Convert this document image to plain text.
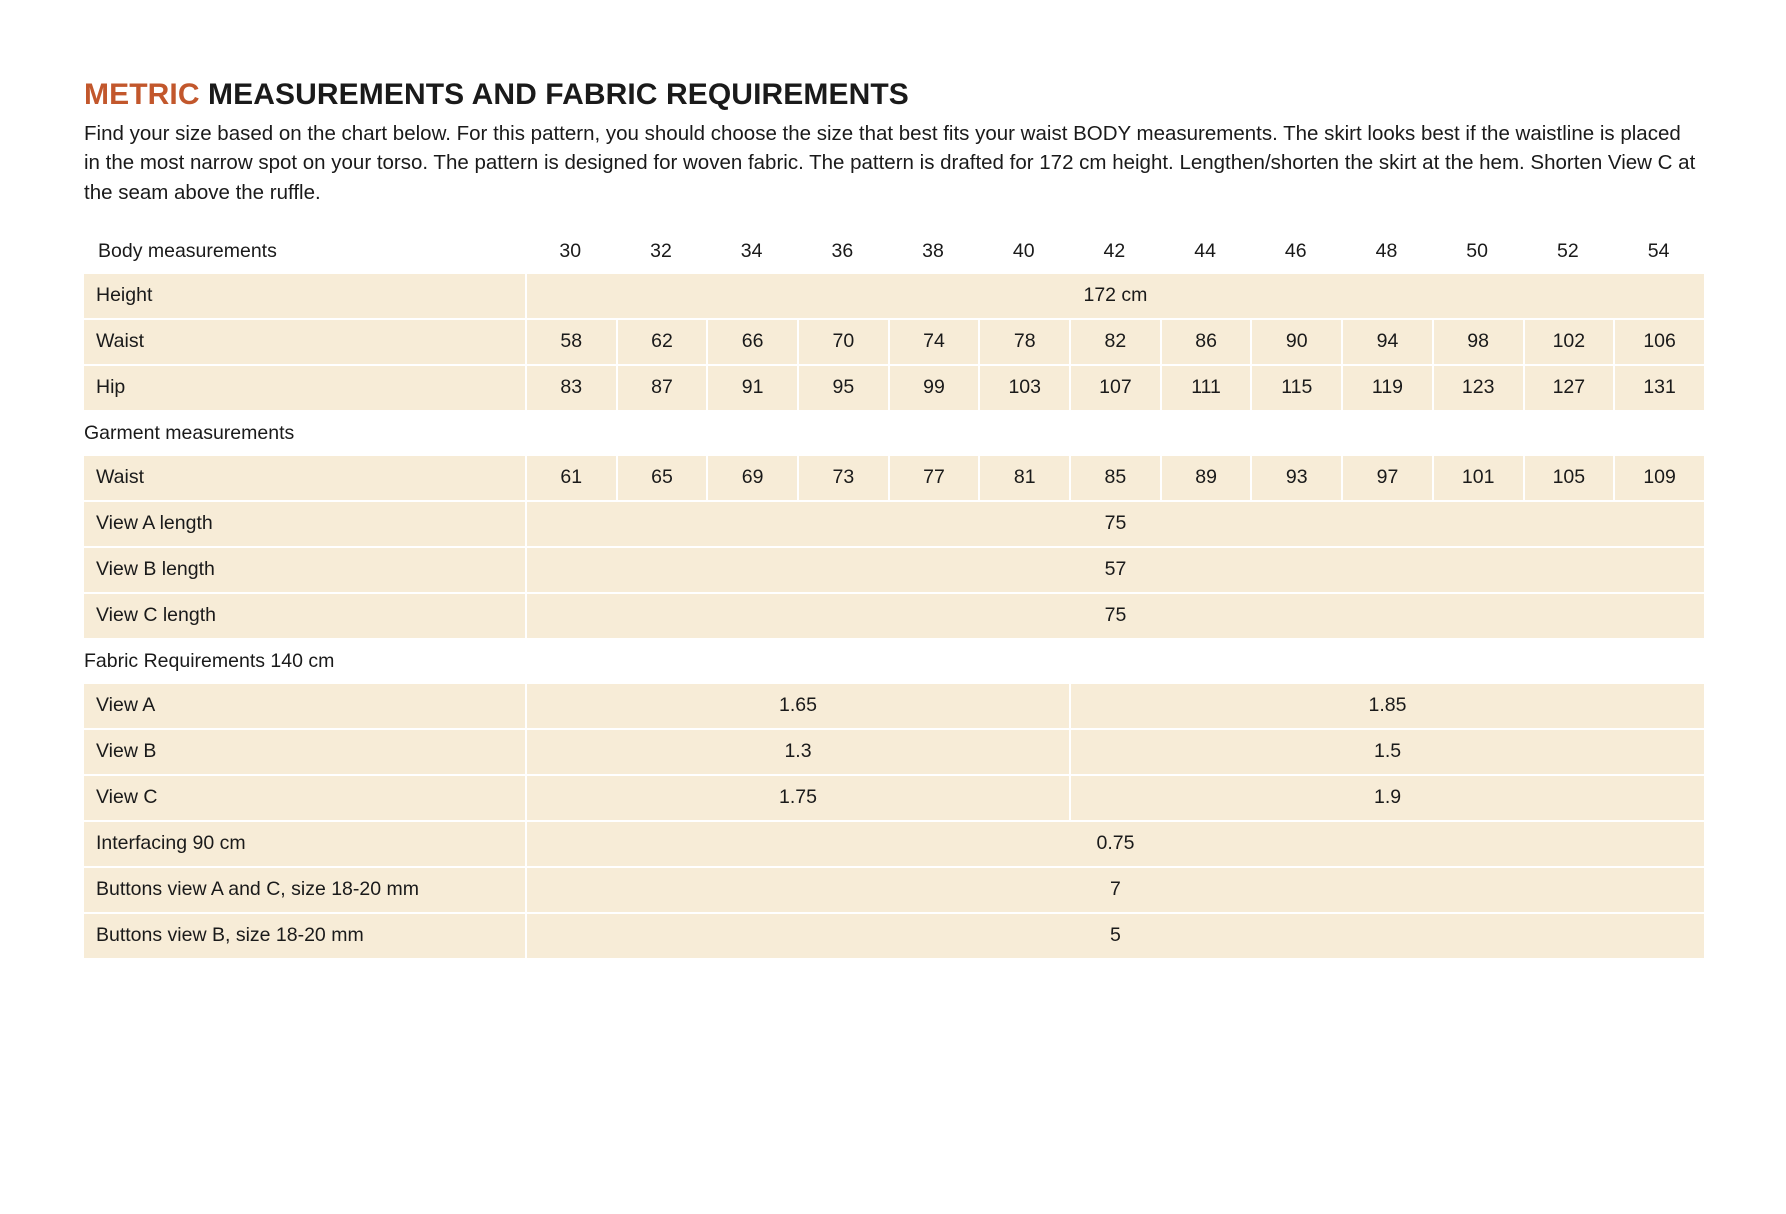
METRIC MEASUREMENTS AND FABRIC REQUIREMENTS

Find your size based on the chart below. For this pattern, you should choose the size that best fits your waist BODY measurements. The skirt looks best if the waistline is placed in the most narrow spot on your torso. The pattern is designed for woven fabric. The pattern is drafted for 172 cm height. Lengthen/shorten the skirt at the hem. Shorten View C at the seam above the ruffle.

Body measurements	30	32	34	36	38	40	42	44	46	48	50	52	54
Height	172 cm												
Waist	58	62	66	70	74	78	82	86	90	94	98	102	106
Hip	83	87	91	95	99	103	107	111	115	119	123	127	131
Garment measurements													
Waist	61	65	69	73	77	81	85	89	93	97	101	105	109
View A length	75												
View B length	57												
View C length	75												
Fabric Requirements 140 cm													
View A	1.65						1.85						
View B	1.3						1.5						
View C	1.75						1.9						
Interfacing 90 cm	0.75												
Buttons view A and C, size 18-20 mm	7												
Buttons view B, size 18-20 mm	5												
